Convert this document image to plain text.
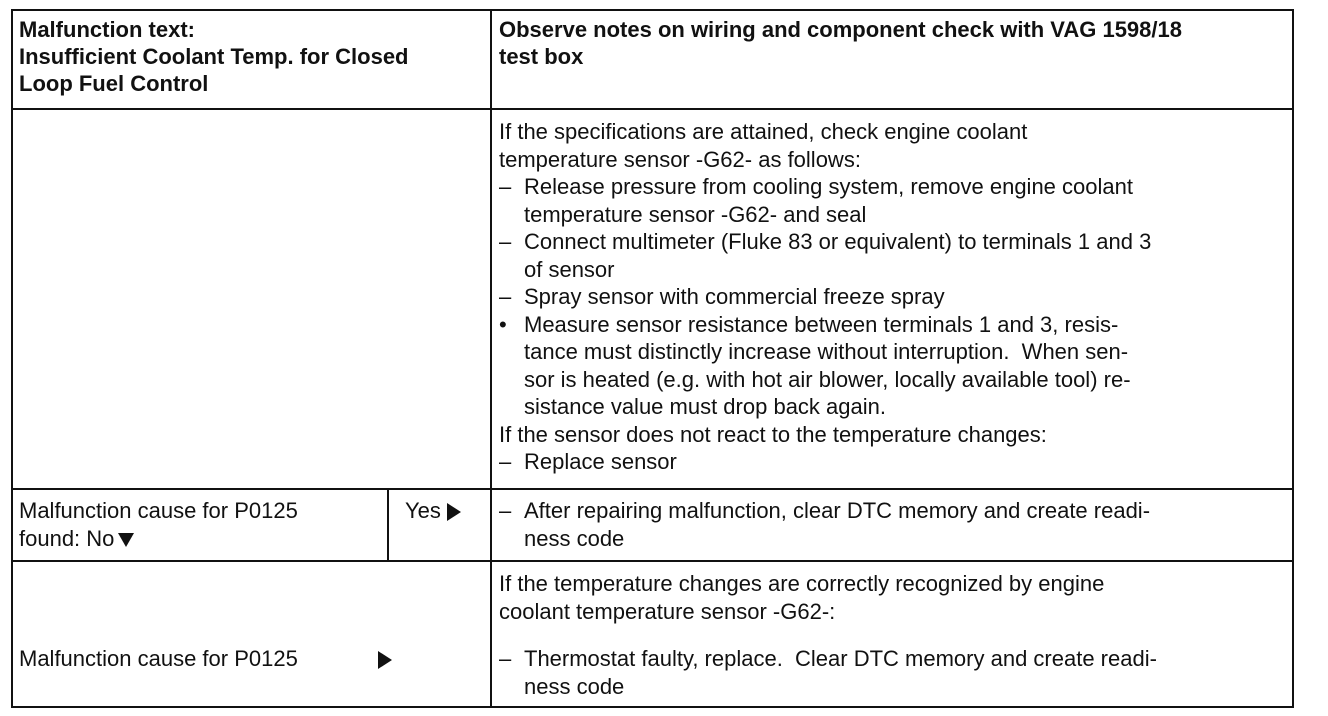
Malfunction text:
Insufficient Coolant Temp. for Closed
Loop Fuel Control
Observe notes on wiring and component check with VAG 1598/18
test box
If the specifications are attained, check engine coolant
temperature sensor -G62- as follows:
– Release pressure from cooling system, remove engine coolant
temperature sensor -G62- and seal
– Connect multimeter (Fluke 83 or equivalent) to terminals 1 and 3
of sensor
– Spray sensor with commercial freeze spray
• Measure sensor resistance between terminals 1 and 3, resis-
tance must distinctly increase without interruption.  When sen-
sor is heated (e.g. with hot air blower, locally available tool) re-
sistance value must drop back again.
If the sensor does not react to the temperature changes:
– Replace sensor
Malfunction cause for P0125
found: No
Yes	– After repairing malfunction, clear DTC memory and create readi-
ness code
Malfunction cause for P0125
If the temperature changes are correctly recognized by engine
coolant temperature sensor -G62-:
– Thermostat faulty, replace.  Clear DTC memory and create readi-
ness code
